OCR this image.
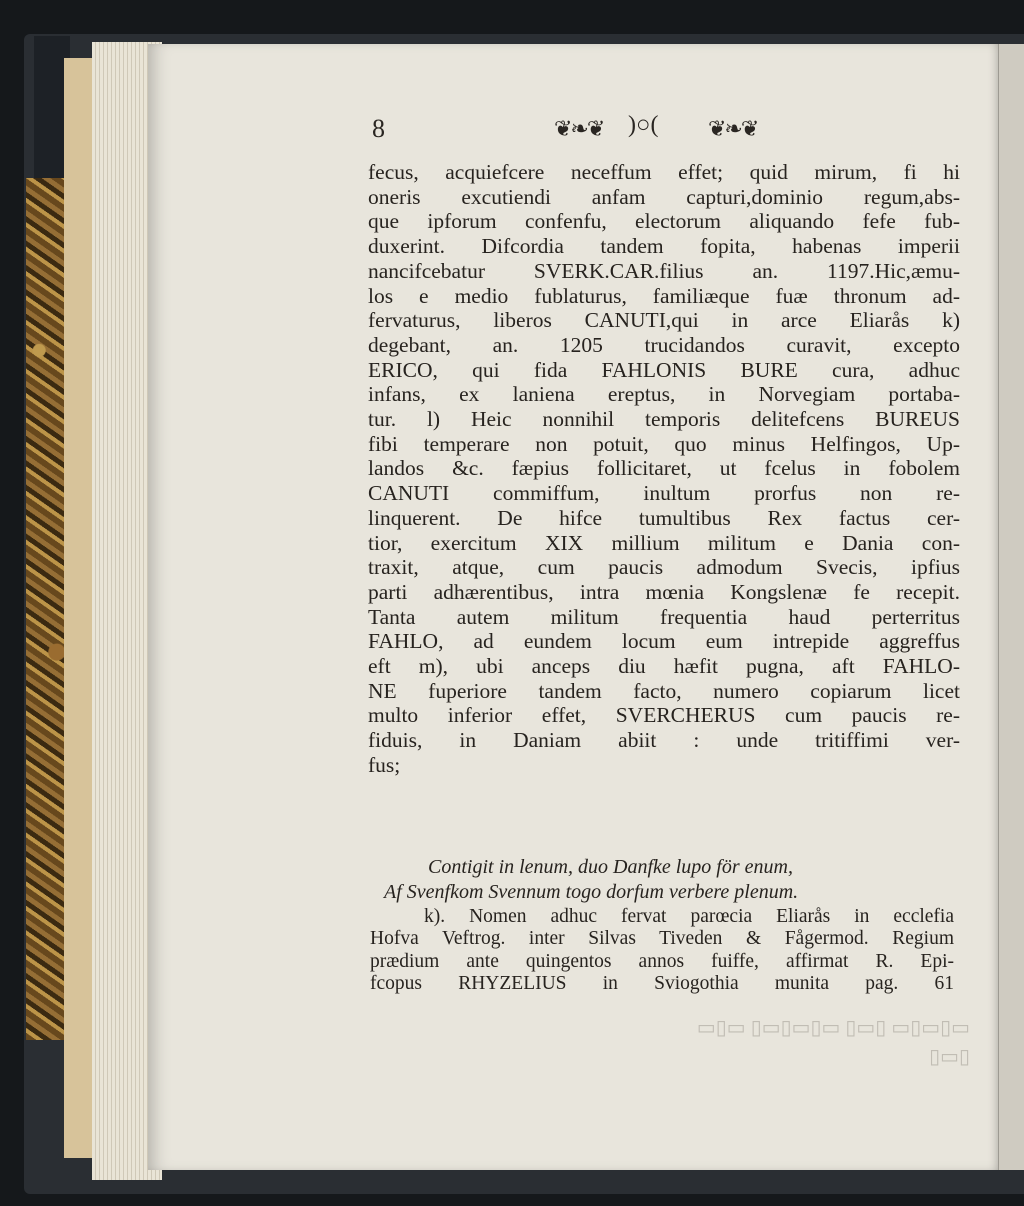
8	❦❧❦ )○( ❦❧❦
fecus, acquiefcere neceffum effet; quid mirum, fi hi
oneris excutiendi anfam capturi,dominio regum,abs-
que ipforum confenfu, electorum aliquando fefe fub-
duxerint. Difcordia tandem fopita, habenas imperii
nancifcebatur SVERK.CAR.filius an. 1197.Hic,æmu-
los e medio fublaturus, familiæque fuæ thronum ad-
fervaturus, liberos CANUTI,qui in arce Eliarås k)
degebant, an. 1205 trucidandos curavit, excepto
ERICO, qui fida FAHLONIS BURE cura, adhuc
infans, ex laniena ereptus, in Norvegiam portaba-
tur. l) Heic nonnihil temporis delitefcens BUREUS
fibi temperare non potuit, quo minus Helfingos, Up-
landos &c. fæpius follicitaret, ut fcelus in fobolem
CANUTI commiffum, inultum prorfus non re-
linquerent. De hifce tumultibus Rex factus cer-
tior, exercitum XIX millium militum e Dania con-
traxit, atque, cum paucis admodum Svecis, ipfius
parti adhærentibus, intra mœnia Kongslenæ fe recepit.
Tanta autem militum frequentia haud perterritus
FAHLO, ad eundem locum eum intrepide aggreffus
eft m), ubi anceps diu hæfit pugna, aft FAHLO-
NE fuperiore tandem facto, numero copiarum licet
multo inferior effet, SVERCHERUS cum paucis re-
fiduis, in Daniam abiit : unde tritiffimi ver-
fus;
Contigit in lenum, duo Danfke lupo för enum,
Af Svenfkom Svennum togo dorfum verbere plenum.
k). Nomen adhuc fervat parœcia Eliarås in ecclefia
Hofva Veftrog. inter Silvas Tiveden & Fågermod. Regium
prædium ante quingentos annos fuiffe, affirmat R. Epi-
fcopus RHYZELIUS in Sviogothia munita pag. 61
▭▯▭▯▭ ▯▭▯ ▭▯▭▯▭▯ ▭▯▭
▯▭▯
